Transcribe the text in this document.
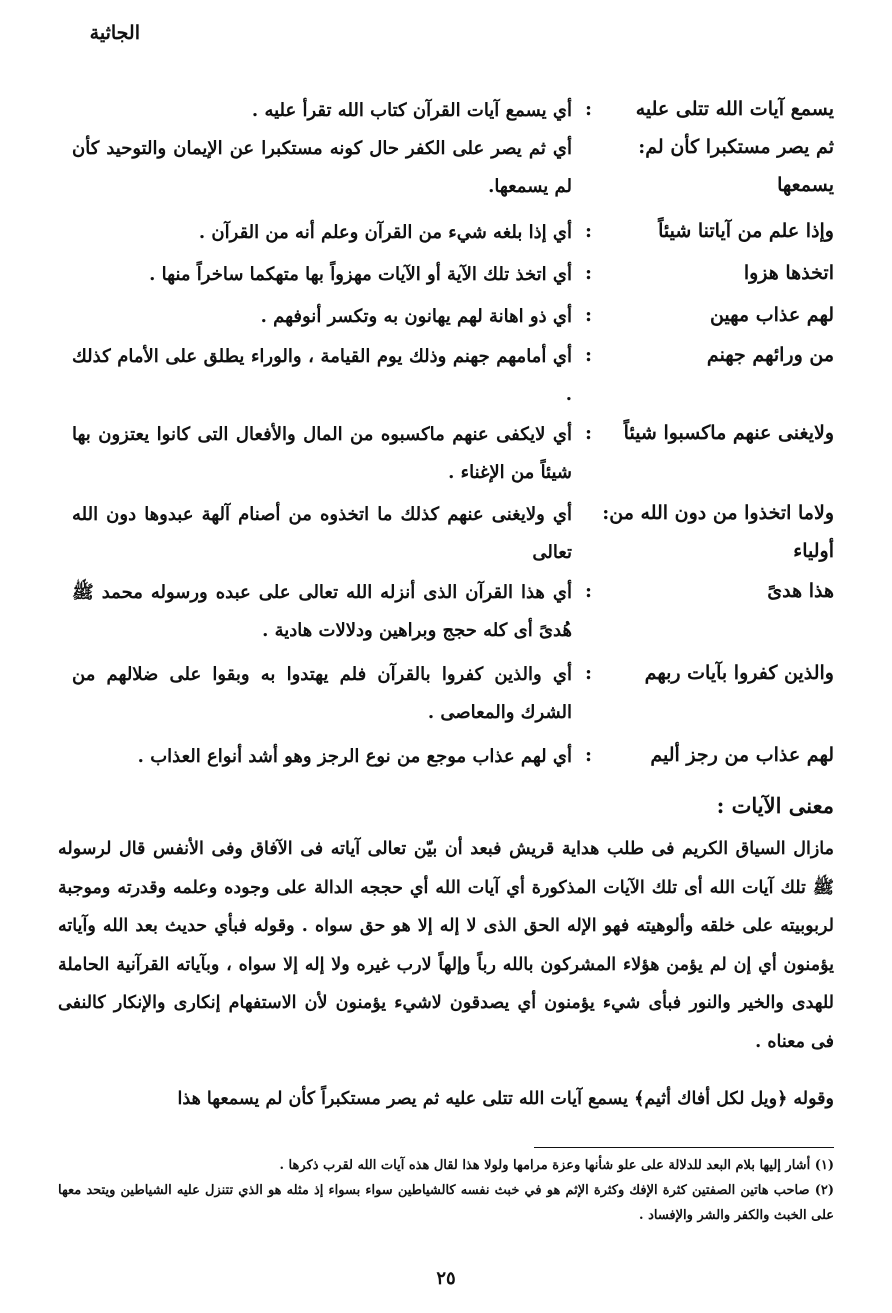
الجاثية
يسمع آيات الله تتلى عليه
:
أي يسمع آيات القرآن كتاب الله تقرأ عليه .
ثم يصر مستكبرا كأن لم:
يسمعها
أي ثم يصر على الكفر حال كونه مستكبرا عن الإيمان والتوحيد كأن لم يسمعها.
وإذا علم من آياتنا شيئاً
:
أي إذا بلغه شيء من القرآن وعلم أنه من القرآن .
اتخذها هزوا
:
أي اتخذ تلك الآية أو الآيات مهزواً بها متهكما ساخراً منها .
لهم عذاب مهين
:
أي ذو اهانة لهم يهانون به وتكسر أنوفهم .
من ورائهم جهنم
:
أي أمامهم جهنم وذلك يوم القيامة ، والوراء يطلق على الأمام كذلك .
ولايغنى عنهم ماكسبوا شيئاً
:
أي لايكفى عنهم ماكسبوه من المال والأفعال التى كانوا يعتزون بها شيئاً من الإغناء .
ولاما اتخذوا من دون الله من:
أولياء
أي ولايغنى عنهم كذلك ما اتخذوه من أصنام آلهة عبدوها دون الله تعالى
هذا هدىً
:
أي هذا القرآن الذى أنزله الله تعالى على عبده ورسوله محمد ﷺ هُدىً أى كله حجج وبراهين ودلالات هادية .
والذين كفروا بآيات ربهم
:
أي والذين كفروا بالقرآن فلم يهتدوا به وبقوا على ضلالهم من الشرك والمعاصى .
لهم عذاب من رجز أليم
:
أي لهم عذاب موجع من نوع الرجز وهو أشد أنواع العذاب .
معنى الآيات :
مازال السياق الكريم فى طلب هداية قريش فبعد أن بيّن تعالى آياته فى الآفاق وفى الأنفس قال لرسوله ﷺ تلك آيات الله أى تلك الآيات المذكورة أي آيات الله أي حججه الدالة على وجوده وعلمه وقدرته وموجبة لربوبيته على خلقه وألوهيته فهو الإله الحق الذى لا إله إلا هو حق سواه . وقوله فبأي حديث بعد الله وآياته يؤمنون أي إن لم يؤمن هؤلاء المشركون بالله رباً وإلهاً لارب غيره ولا إله إلا سواه ، وبآياته القرآنية الحاملة للهدى والخير والنور فبأى شيء يؤمنون أي يصدقون لاشيء يؤمنون لأن الاستفهام إنكارى والإنكار كالنفى فى معناه .
وقوله ﴿ويل لكل أفاك أثيم﴾ يسمع آيات الله تتلى عليه ثم يصر مستكبراً كأن لم يسمعها هذا
(١) أشار إليها بلام البعد للدلالة على علو شأنها وعزة مرامها ولولا هذا لقال هذه آيات الله لقرب ذكرها .
(٢) صاحب هاتين الصفتين كثرة الإفك وكثرة الإثم هو في خبث نفسه كالشياطين سواء بسواء إذ مثله هو الذي تتنزل عليه الشياطين ويتحد معها على الخبث والكفر والشر والإفساد .
٢٥
